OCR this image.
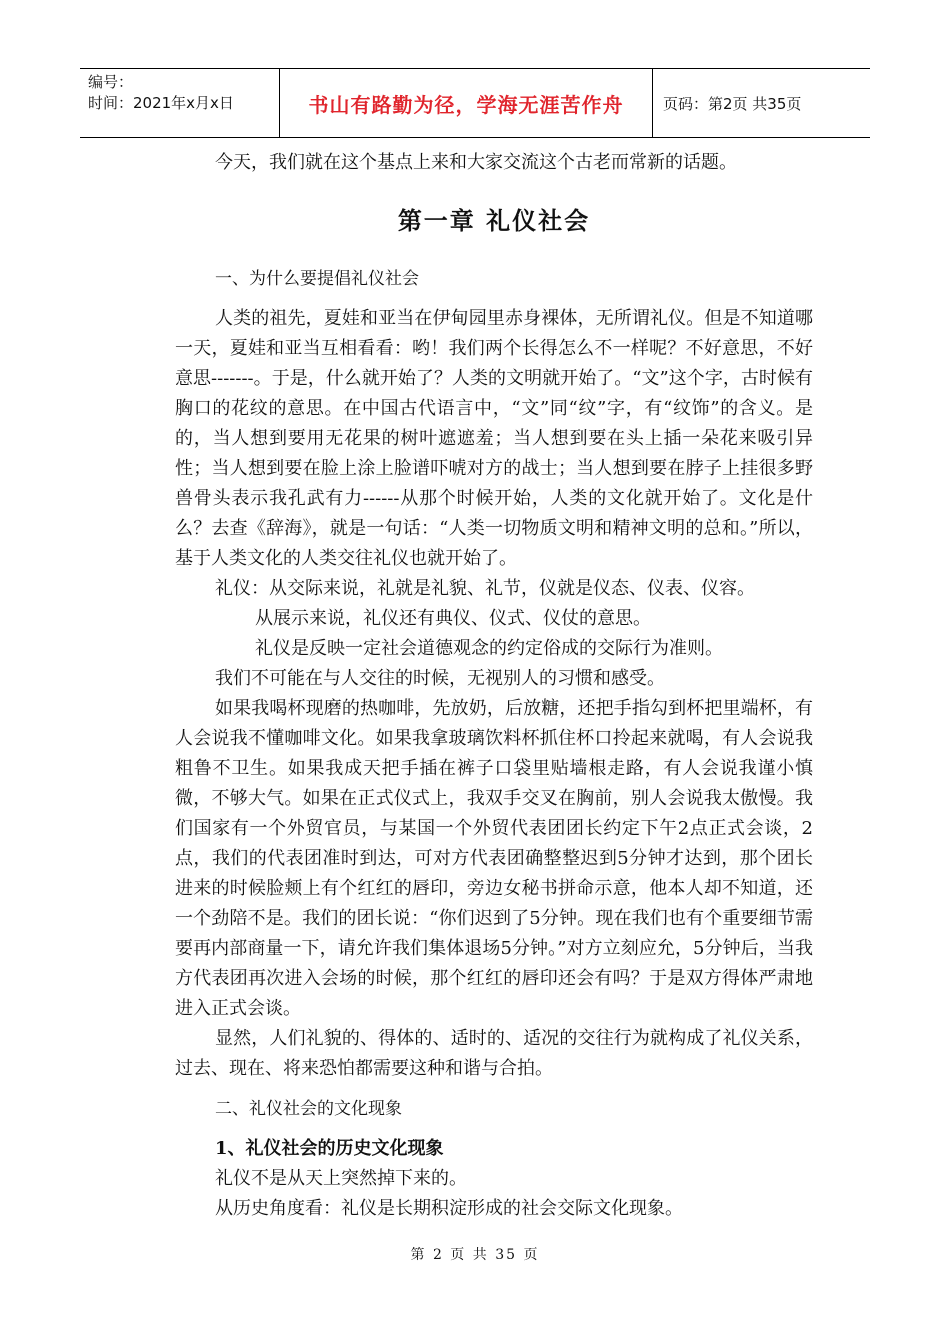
编号：
时间：2021年x月x日	书山有路勤为径，学海无涯苦作舟	页码：第2页 共35页

今天，我们就在这个基点上来和大家交流这个古老而常新的话题。

第一章 礼仪社会

一、为什么要提倡礼仪社会

人类的祖先，夏娃和亚当在伊甸园里赤身裸体，无所谓礼仪。但是不知道哪一天，夏娃和亚当互相看看：哟！我们两个长得怎么不一样呢？不好意思，不好意思-------。于是，什么就开始了？人类的文明就开始了。“文”这个字，古时候有胸口的花纹的意思。在中国古代语言中，“文”同“纹”字，有“纹饰”的含义。是的，当人想到要用无花果的树叶遮遮羞；当人想到要在头上插一朵花来吸引异性；当人想到要在脸上涂上脸谱吓唬对方的战士；当人想到要在脖子上挂很多野兽骨头表示我孔武有力------从那个时候开始，人类的文化就开始了。文化是什么？去查《辞海》，就是一句话：“人类一切物质文明和精神文明的总和。”所以，基于人类文化的人类交往礼仪也就开始了。

礼仪：从交际来说，礼就是礼貌、礼节，仪就是仪态、仪表、仪容。

从展示来说，礼仪还有典仪、仪式、仪仗的意思。

礼仪是反映一定社会道德观念的约定俗成的交际行为准则。

我们不可能在与人交往的时候，无视别人的习惯和感受。

如果我喝杯现磨的热咖啡，先放奶，后放糖，还把手指勾到杯把里端杯，有人会说我不懂咖啡文化。如果我拿玻璃饮料杯抓住杯口拎起来就喝，有人会说我粗鲁不卫生。如果我成天把手插在裤子口袋里贴墙根走路，有人会说我谨小慎微，不够大气。如果在正式仪式上，我双手交叉在胸前，别人会说我太傲慢。我们国家有一个外贸官员，与某国一个外贸代表团团长约定下午2点正式会谈，2点，我们的代表团准时到达，可对方代表团确整整迟到5分钟才达到，那个团长进来的时候脸颊上有个红红的唇印，旁边女秘书拼命示意，他本人却不知道，还一个劲陪不是。我们的团长说：“你们迟到了5分钟。现在我们也有个重要细节需要再内部商量一下，请允许我们集体退场5分钟。”对方立刻应允，5分钟后，当我方代表团再次进入会场的时候，那个红红的唇印还会有吗？于是双方得体严肃地进入正式会谈。

显然，人们礼貌的、得体的、适时的、适况的交往行为就构成了礼仪关系，过去、现在、将来恐怕都需要这种和谐与合拍。

二、礼仪社会的文化现象

1、礼仪社会的历史文化现象

礼仪不是从天上突然掉下来的。

从历史角度看：礼仪是长期积淀形成的社会交际文化现象。

第 2 页 共 35 页
